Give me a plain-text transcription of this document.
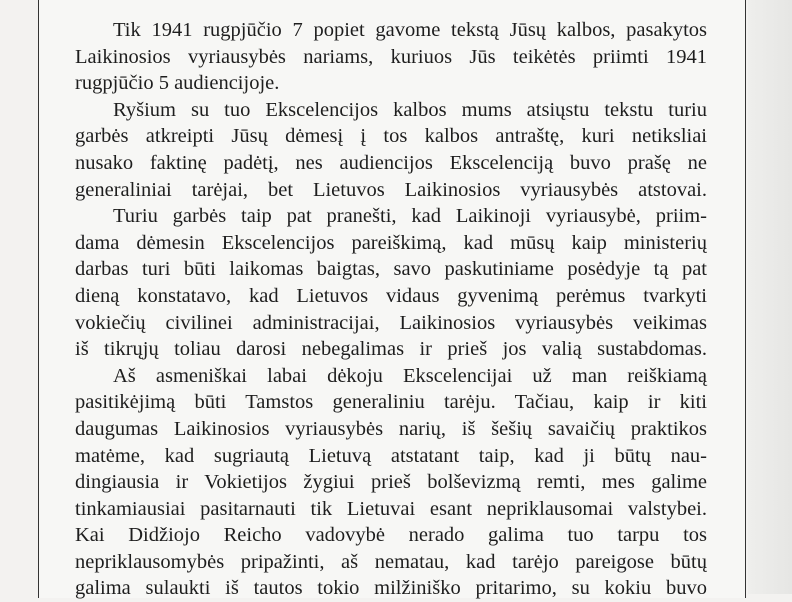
Tik 1941 rugpjūčio 7 popiet gavome tekstą Jūsų kalbos, pasakytos
Laikinosios vyriausybės nariams, kuriuos Jūs teikėtės priimti 1941
rugpjūčio 5 audiencijoje.
Ryšium su tuo Ekscelencijos kalbos mums atsiųstu tekstu turiu
garbės atkreipti Jūsų dėmesį į tos kalbos antraštę, kuri netiksliai
nusako faktinę padėtį, nes audiencijos Ekscelenciją buvo prašę ne
generaliniai tarėjai, bet Lietuvos Laikinosios vyriausybės atstovai.
Turiu garbės taip pat pranešti, kad Laikinoji vyriausybė, priim-
dama dėmesin Ekscelencijos pareiškimą, kad mūsų kaip ministerių
darbas turi būti laikomas baigtas, savo paskutiniame posėdyje tą pat
dieną konstatavo, kad Lietuvos vidaus gyvenimą perėmus tvarkyti
vokiečių civilinei administracijai, Laikinosios vyriausybės veikimas
iš tikrųjų toliau darosi nebegalimas ir prieš jos valią sustabdomas.
Aš asmeniškai labai dėkoju Ekscelencijai už man reiškiamą
pasitikėjimą būti Tamstos generaliniu tarėju. Tačiau, kaip ir kiti
daugumas Laikinosios vyriausybės narių, iš šešių savaičių praktikos
matėme, kad sugriautą Lietuvą atstatant taip, kad ji būtų nau-
dingiausia ir Vokietijos žygiui prieš bolševizmą remti, mes galime
tinkamiausiai pasitarnauti tik Lietuvai esant nepriklausomai valstybei.
Kai Didžiojo Reicho vadovybė nerado galima tuo tarpu tos
nepriklausomybės pripažinti, aš nematau, kad tarėjo pareigose būtų
galima sulaukti iš tautos tokio milžiniško pritarimo, su kokiu buvo
